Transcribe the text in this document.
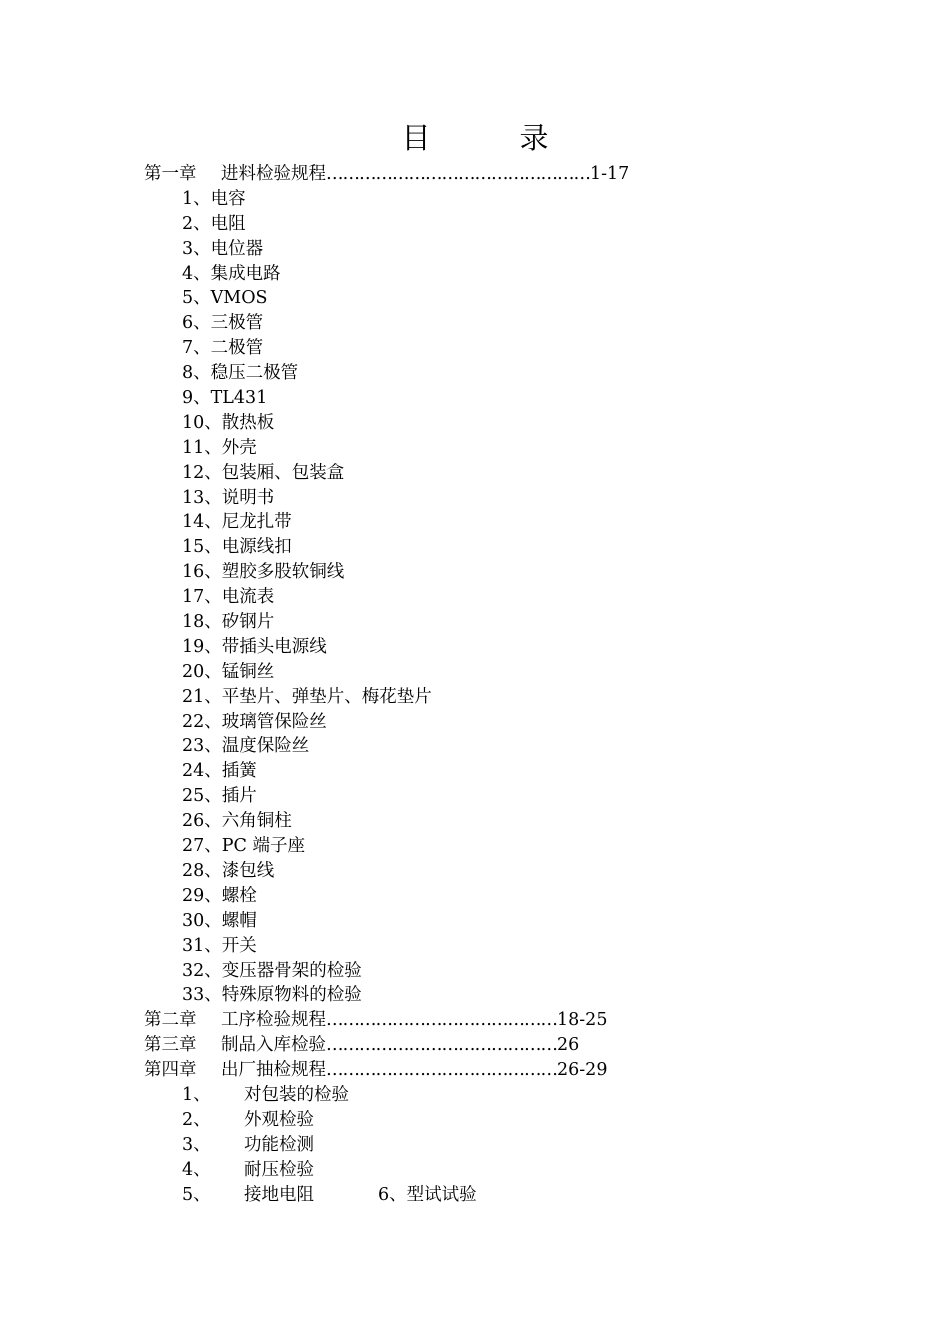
目　录
第一章 进料检验规程…………………………………………1-17
1、电容
2、电阻
3、电位器
4、集成电路
5、VMOS
6、三极管
7、二极管
8、稳压二极管
9、TL431
10、散热板
11、外壳
12、包装厢、包装盒
13、说明书
14、尼龙扎带
15、电源线扣
16、塑胶多股软铜线
17、电流表
18、矽钢片
19、带插头电源线
20、锰铜丝
21、平垫片、弹垫片、梅花垫片
22、玻璃管保险丝
23、温度保险丝
24、插簧
25、插片
26、六角铜柱
27、PC 端子座
28、漆包线
29、螺栓
30、螺帽
31、开关
32、变压器骨架的检验
33、特殊原物料的检验
第二章 工序检验规程……………………………………18-25
第三章 制品入库检验……………………………………26
第四章 出厂抽检规程……………………………………26-29
1、 对包装的检验
2、 外观检验
3、 功能检测
4、 耐压检验
5、 接地电阻	6、型试试验
